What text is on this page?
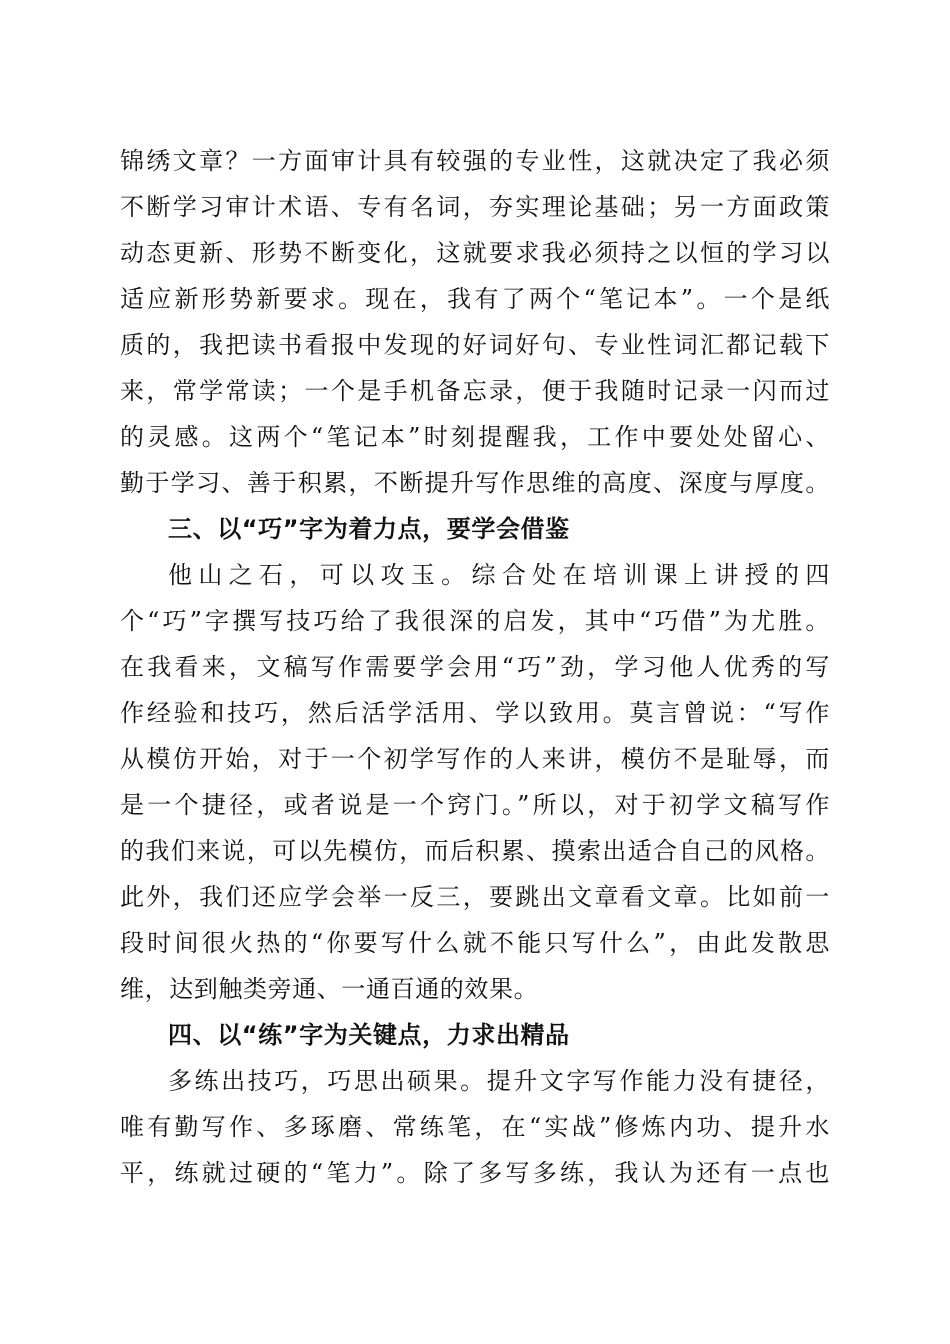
锦绣文章？一方面审计具有较强的专业性，这就决定了我必须
不断学习审计术语、专有名词，夯实理论基础；另一方面政策
动态更新、形势不断变化，这就要求我必须持之以恒的学习以
适应新形势新要求。现在，我有了两个“笔记本”。一个是纸
质的，我把读书看报中发现的好词好句、专业性词汇都记载下
来，常学常读；一个是手机备忘录，便于我随时记录一闪而过
的灵感。这两个“笔记本”时刻提醒我，工作中要处处留心、
勤于学习、善于积累，不断提升写作思维的高度、深度与厚度。
三、以“巧”字为着力点，要学会借鉴
他山之石，可以攻玉。综合处在培训课上讲授的四
个“巧”字撰写技巧给了我很深的启发，其中“巧借”为尤胜。
在我看来，文稿写作需要学会用“巧”劲，学习他人优秀的写
作经验和技巧，然后活学活用、学以致用。莫言曾说：“写作
从模仿开始，对于一个初学写作的人来讲，模仿不是耻辱，而
是一个捷径，或者说是一个窍门。”所以，对于初学文稿写作
的我们来说，可以先模仿，而后积累、摸索出适合自己的风格。
此外，我们还应学会举一反三，要跳出文章看文章。比如前一
段时间很火热的“你要写什么就不能只写什么”，由此发散思
维，达到触类旁通、一通百通的效果。
四、以“练”字为关键点，力求出精品
多练出技巧，巧思出硕果。提升文字写作能力没有捷径，
唯有勤写作、多琢磨、常练笔，在“实战”修炼内功、提升水
平，练就过硬的“笔力”。除了多写多练，我认为还有一点也
